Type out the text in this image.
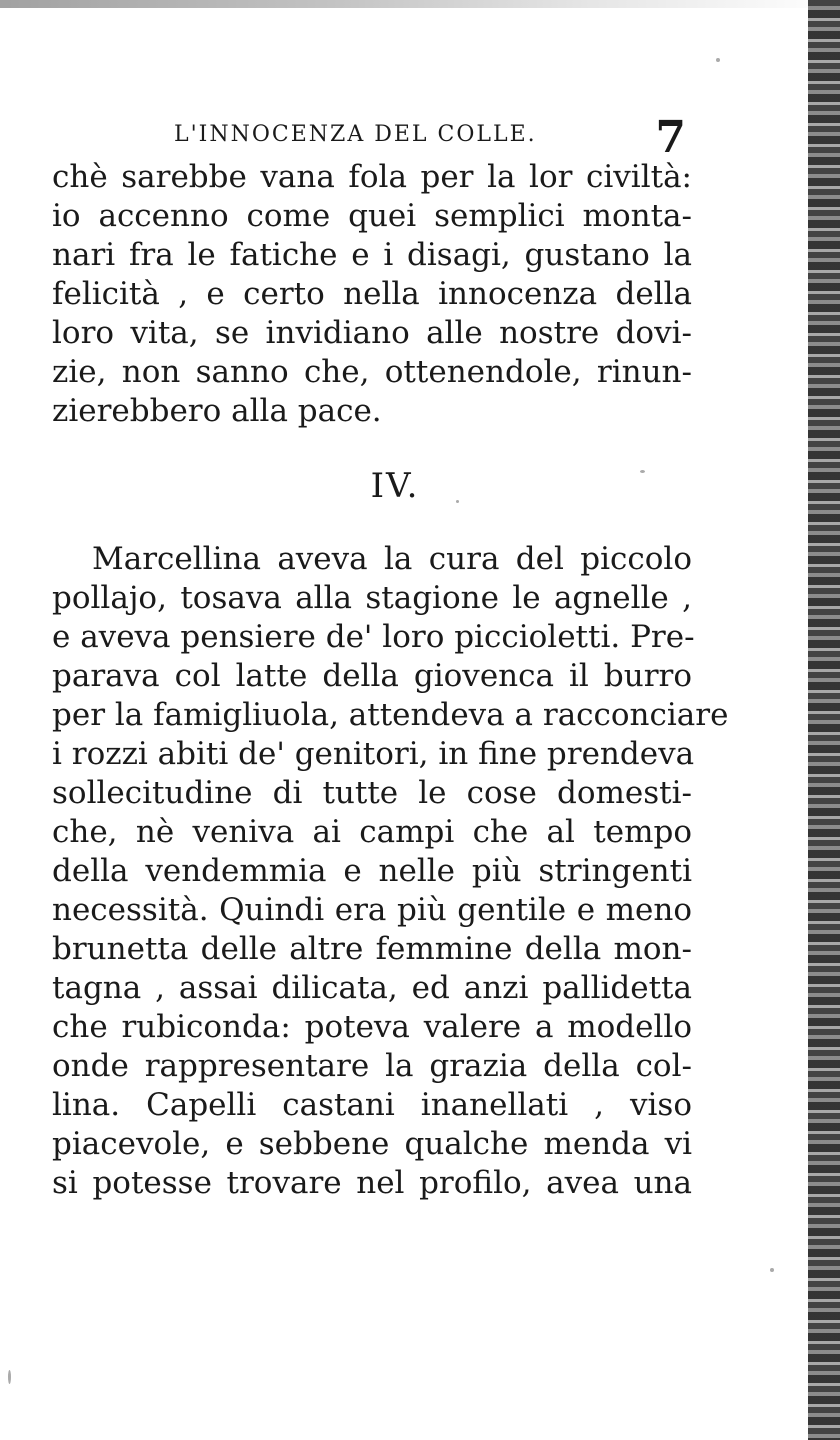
L'INNOCENZA DEL COLLE.	7
chè sarebbe vana fola per la lor civiltà:
io accenno come quei semplici monta-
nari fra le fatiche e i disagi, gustano la
felicità , e certo nella innocenza della
loro vita, se invidiano alle nostre dovi-
zie, non sanno che, ottenendole, rinun-
zierebbero alla pace.
IV.
Marcellina aveva la cura del piccolo
pollajo, tosava alla stagione le agnelle ,
e aveva pensiere de' loro piccioletti. Pre-
parava col latte della giovenca il burro
per la famigliuola, attendeva a racconciare
i rozzi abiti de' genitori, in fine prendeva
sollecitudine di tutte le cose domesti-
che, nè veniva ai campi che al tempo
della vendemmia e nelle più stringenti
necessità. Quindi era più gentile e meno
brunetta delle altre femmine della mon-
tagna , assai dilicata, ed anzi pallidetta
che rubiconda: poteva valere a modello
onde rappresentare la grazia della col-
lina. Capelli castani inanellati , viso
piacevole, e sebbene qualche menda vi
si potesse trovare nel profilo, avea una
